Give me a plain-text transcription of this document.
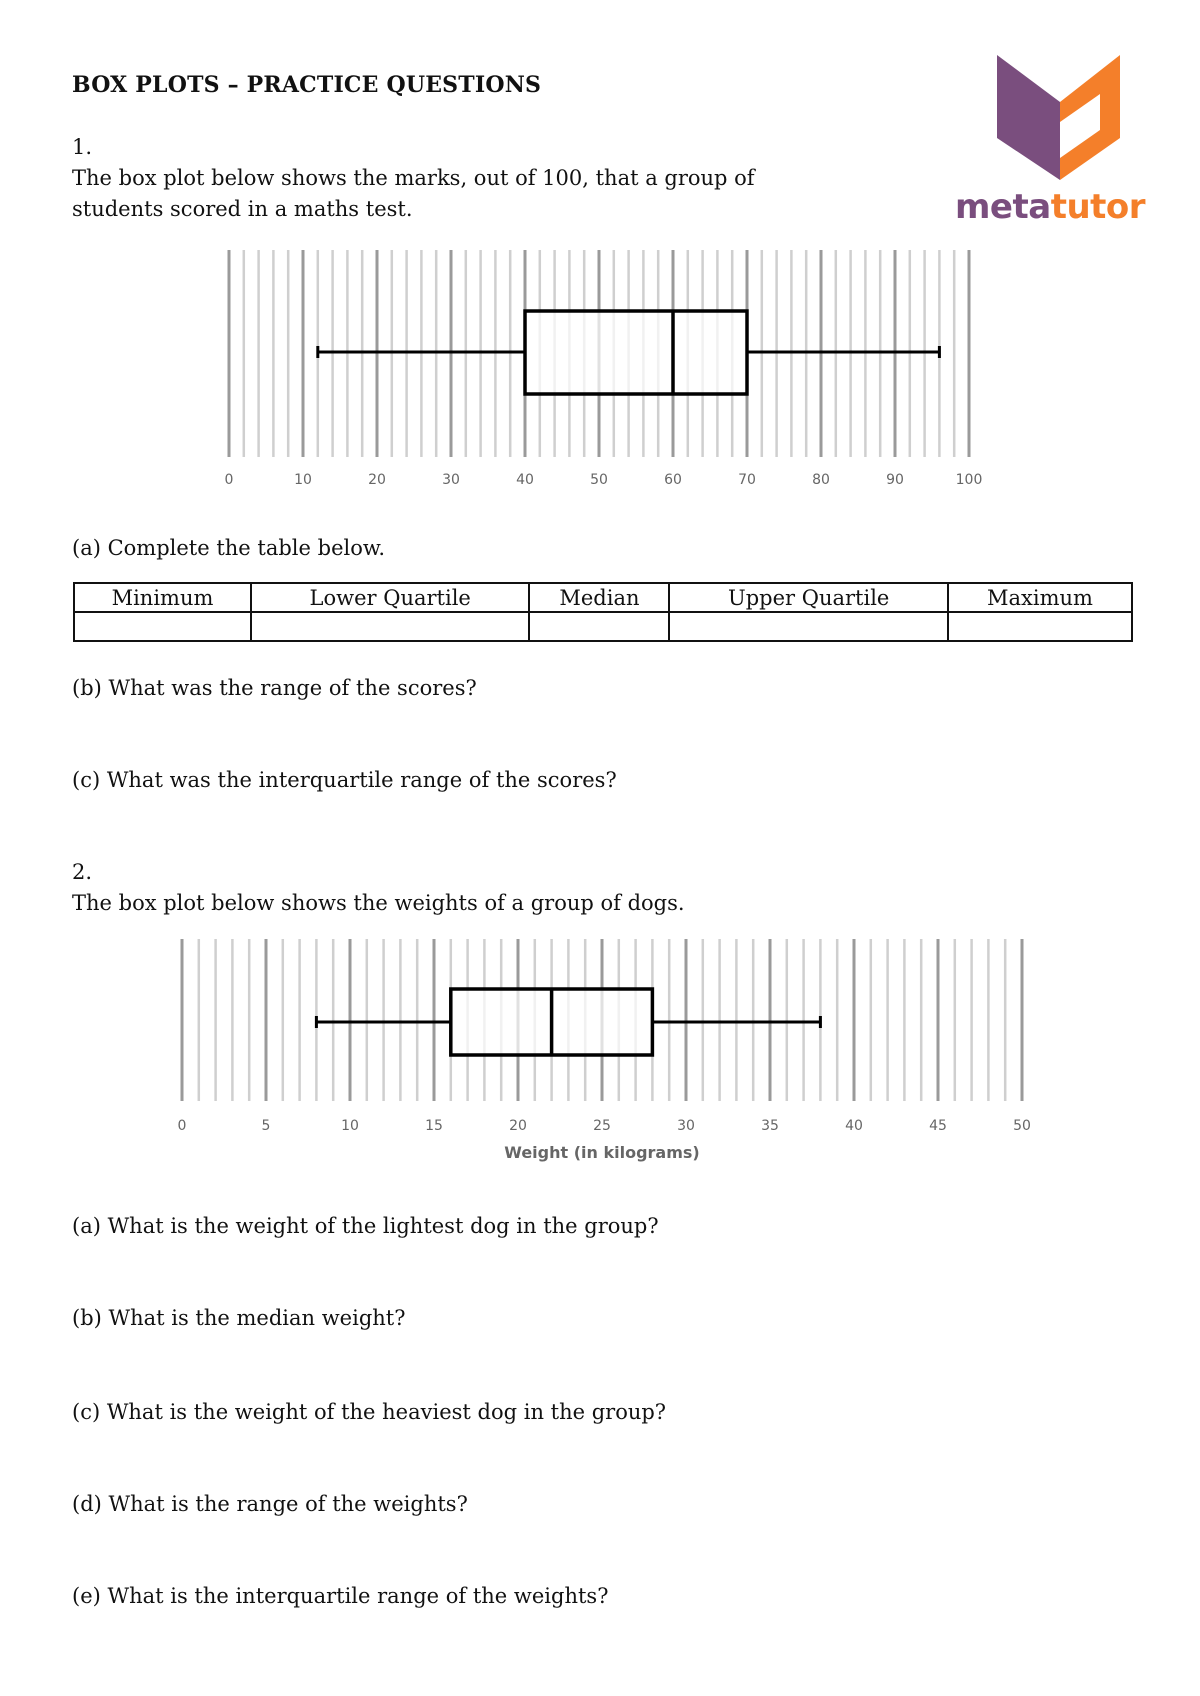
BOX PLOTS – PRACTICE QUESTIONS
metatutor
1.
The box plot below shows the marks, out of 100, that a group of
students scored in a maths test.
0	10	20	30	40	50	60	70	80	90	100
(a) Complete the table below.
Minimum	Lower Quartile	Median	Upper Quartile	Maximum

(b) What was the range of the scores?
(c) What was the interquartile range of the scores?
2.
The box plot below shows the weights of a group of dogs.
0	5	10	15	20	25	30	35	40	45	50
Weight (in kilograms)
(a) What is the weight of the lightest dog in the group?
(b) What is the median weight?
(c) What is the weight of the heaviest dog in the group?
(d) What is the range of the weights?
(e) What is the interquartile range of the weights?
